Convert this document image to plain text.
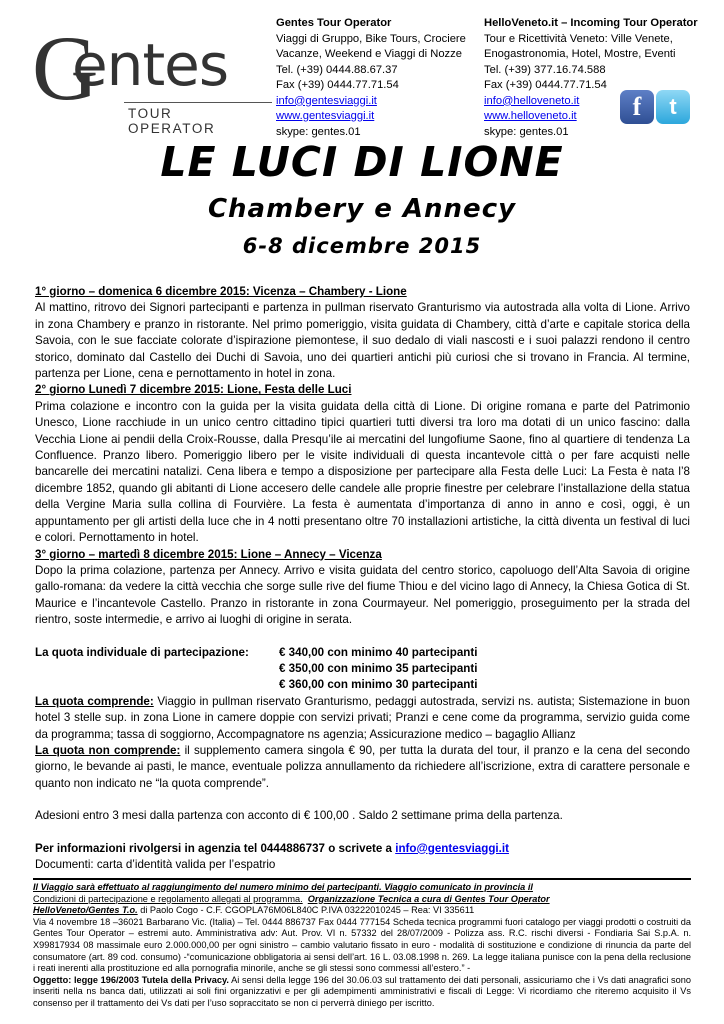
G
entes
TOUR OPERATOR
Gentes Tour Operator
Viaggi di Gruppo, Bike Tours, Crociere
Vacanze, Weekend e Viaggi di Nozze
Tel. (+39) 0444.88.67.37
Fax (+39) 0444.77.71.54
info@gentesviaggi.it
www.gentesviaggi.it
skype: gentes.01
HelloVeneto.it – Incoming Tour Operator
Tour e Ricettività Veneto: Ville Venete,
Enogastronomia, Hotel, Mostre, Eventi
Tel. (+39) 377.16.74.588
Fax (+39) 0444.77.71.54
info@helloveneto.it
www.helloveneto.it
skype: gentes.01
f	t
LE LUCI DI LIONE
Chambery e Annecy
6-8 dicembre 2015

1° giorno – domenica 6 dicembre 2015: Vicenza – Chambery - Lione

Al mattino, ritrovo dei Signori partecipanti e partenza in pullman riservato Granturismo via autostrada alla volta di Lione. Arrivo in zona Chambery e pranzo in ristorante. Nel primo pomeriggio, visita guidata di Chambery, città d’arte e capitale storica della Savoia, con le sue facciate colorate d’ispirazione piemontese, il suo dedalo di viali nascosti e i suoi palazzi rendono il centro storico, dominato dal Castello dei Duchi di Savoia, uno dei quartieri antichi più curiosi che si trovano in Francia. Al termine, partenza per Lione, cena e pernottamento in hotel in zona.

2° giorno Lunedì 7 dicembre 2015: Lione, Festa delle Luci

Prima colazione e incontro con la guida per la visita guidata della città di Lione. Di origine romana e parte del Patrimonio Unesco, Lione racchiude in un unico centro cittadino tipici quartieri tutti diversi tra loro ma dotati di un unico fascino: dalla Vecchia Lione ai pendii della Croix-Rousse, dalla Presqu’ile ai mercatini del lungofiume Saone, fino al quartiere di tendenza La Confluence. Pranzo libero. Pomeriggio libero per le visite individuali di questa incantevole città o per fare acquisti nelle bancarelle dei mercatini natalizi. Cena libera e tempo a disposizione per partecipare alla Festa delle Luci: La Festa è nata l’8 dicembre 1852, quando gli abitanti di Lione accesero delle candele alle proprie finestre per celebrare l’installazione della statua della Vergine Maria sulla collina di Fourvière. La festa è aumentata d’importanza di anno in anno e così, oggi, è un appuntamento per gli artisti della luce che in 4 notti presentano oltre 70 installazioni artistiche, la città diventa un festival di luci e colori. Pernottamento in hotel.

3° giorno – martedì 8 dicembre 2015: Lione – Annecy – Vicenza

Dopo la prima colazione, partenza per Annecy. Arrivo e visita guidata del centro storico, capoluogo dell’Alta Savoia di origine gallo-romana: da vedere la città vecchia che sorge sulle rive del fiume Thiou e del vicino lago di Annecy, la Chiesa Gotica di St. Maurice e l’incantevole Castello. Pranzo in ristorante in zona Courmayeur. Nel pomeriggio, proseguimento per la strada del rientro, soste intermedie, e arrivo ai luoghi di origine in serata.

La quota individuale di partecipazione:	€ 340,00 con minimo 40 partecipanti
€ 350,00 con minimo 35 partecipanti
€ 360,00 con minimo 30 partecipanti

La quota comprende: Viaggio in pullman riservato Granturismo, pedaggi autostrada, servizi ns. autista; Sistemazione in buon hotel 3 stelle sup. in zona Lione in camere doppie con servizi privati; Pranzi e cene come da programma, servizio guida come da programma; tassa di soggiorno, Accompagnatore ns agenzia; Assicurazione medico – bagaglio Allianz

La quota non comprende: il supplemento camera singola € 90, per tutta la durata del tour, il pranzo e la cena del secondo giorno, le bevande ai pasti, le mance, eventuale polizza annullamento da richiedere all’iscrizione, extra di carattere personale e quanto non indicato ne “la quota comprende”.

Adesioni entro 3 mesi dalla partenza con acconto di € 100,00 . Saldo 2 settimane prima della partenza.

Per informazioni rivolgersi in agenzia tel 0444886737 o scrivete a info@gentesviaggi.it

Documenti: carta d’identità valida per l’espatrio

Il Viaggio sarà effettuato al raggiungimento del numero minimo dei partecipanti. Viaggio comunicato in provincia il

Condizioni di partecipazione e regolamento allegati al programma. Organizzazione Tecnica a cura di Gentes Tour Operator

HelloVeneto/Gentes T.o. di Paolo Cogo - C.F. CGOPLA76M06L840C P.IVA 03222010245 – Rea: VI 335611

Via 4 novembre 18 –36021 Barbarano Vic. (Italia) – Tel. 0444 886737 Fax 0444 777154 Scheda tecnica programmi fuori catalogo per viaggi prodotti o costruiti da Gentes Tour Operator – estremi auto. Amministrativa adv: Aut. Prov. VI n. 57332 del 28/07/2009 - Polizza ass. R.C. rischi diversi - Fondiaria Sai S.p.A. n. X99817934 08 massimale euro 2.000.000,00 per ogni sinistro – cambio valutario fissato in euro - modalità di sostituzione e condizione di rinuncia da parte del consumatore (art. 89 cod. consumo) -“comunicazione obbligatoria ai sensi dell’art. 16 L. 03.08.1998 n. 269. La legge italiana punisce con la pena della reclusione i reati inerenti alla prostituzione ed alla pornografia minorile, anche se gli stessi sono commessi all’estero.” -

Oggetto: legge 196/2003 Tutela della Privacy. Ai sensi della legge 196 del 30.06.03 sul trattamento dei dati personali, assicuriamo che i Vs dati anagrafici sono inseriti nella ns banca dati, utilizzati ai soli fini organizzativi e per gli adempimenti amministrativi e fiscali di Legge: Vi ricordiamo che riteremo acquisito il Vs consenso per il trattamento dei Vs dati per l’uso sopraccitato se non ci perverrà diniego per iscritto.
